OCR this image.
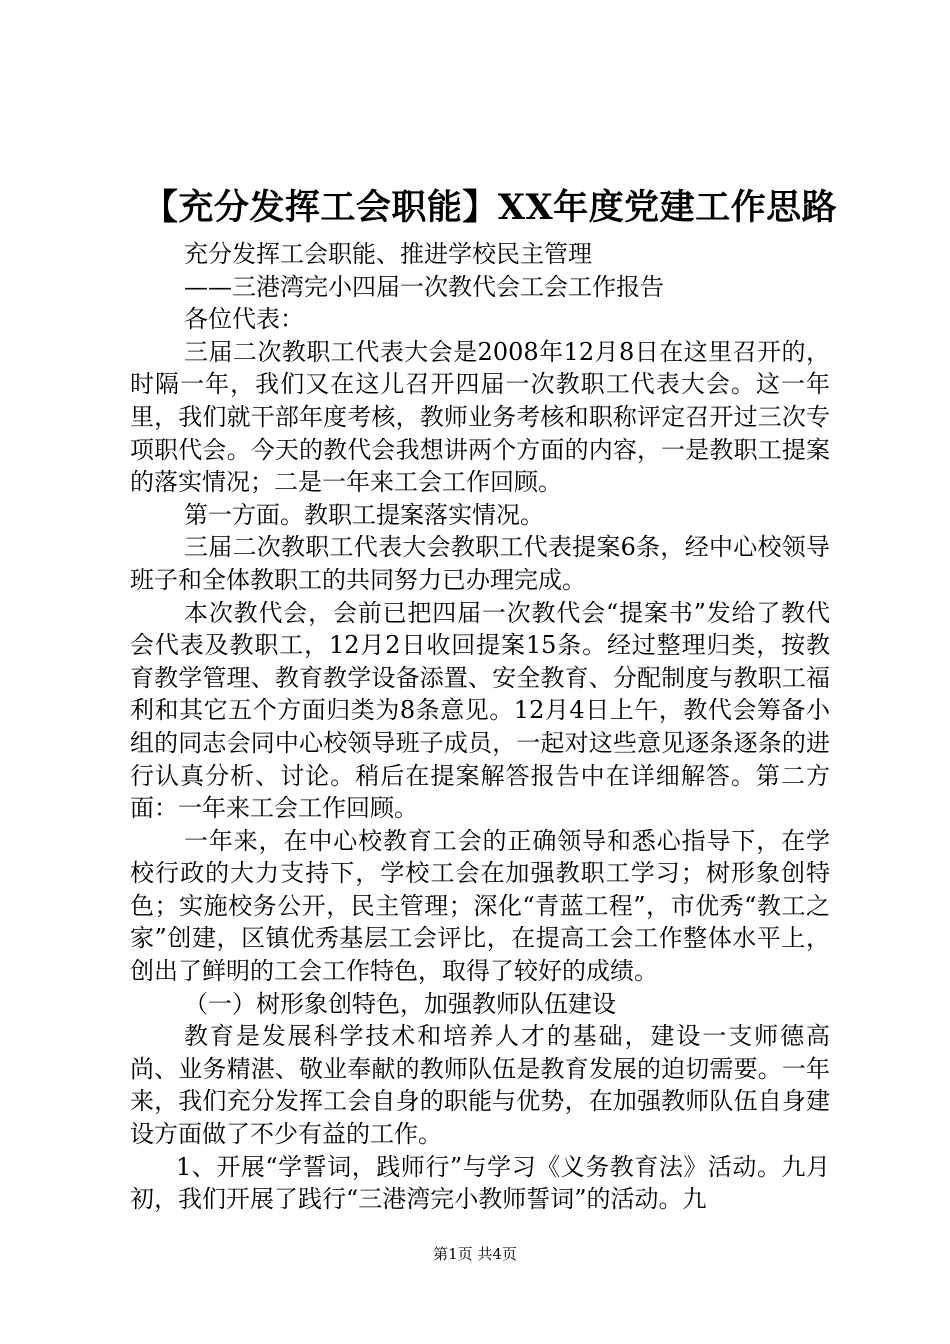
【充分发挥工会职能】XX年度党建工作思路

充分发挥工会职能、推进学校民主管理

——三港湾完小四届一次教代会工会工作报告

各位代表：

三届二次教职工代表大会是2008年12月8日在这里召开的，时隔一年，我们又在这儿召开四届一次教职工代表大会。这一年里，我们就干部年度考核，教师业务考核和职称评定召开过三次专项职代会。今天的教代会我想讲两个方面的内容，一是教职工提案的落实情况；二是一年来工会工作回顾。

第一方面。教职工提案落实情况。

三届二次教职工代表大会教职工代表提案6条，经中心校领导班子和全体教职工的共同努力已办理完成。

本次教代会，会前已把四届一次教代会“提案书”发给了教代会代表及教职工，12月2日收回提案15条。经过整理归类，按教育教学管理、教育教学设备添置、安全教育、分配制度与教职工福利和其它五个方面归类为8条意见。12月4日上午，教代会筹备小组的同志会同中心校领导班子成员，一起对这些意见逐条逐条的进行认真分析、讨论。稍后在提案解答报告中在详细解答。第二方面：一年来工会工作回顾。

一年来，在中心校教育工会的正确领导和悉心指导下，在学校行政的大力支持下，学校工会在加强教职工学习；树形象创特色；实施校务公开，民主管理；深化“青蓝工程”，市优秀“教工之家”创建，区镇优秀基层工会评比，在提高工会工作整体水平上，创出了鲜明的工会工作特色，取得了较好的成绩。

（一）树形象创特色，加强教师队伍建设

教育是发展科学技术和培养人才的基础，建设一支师德高尚、业务精湛、敬业奉献的教师队伍是教育发展的迫切需要。一年来，我们充分发挥工会自身的职能与优势，在加强教师队伍自身建设方面做了不少有益的工作。

1、开展“学誓词，践师行”与学习《义务教育法》活动。九月初，我们开展了践行“三港湾完小教师誓词”的活动。九

第1页 共4页
